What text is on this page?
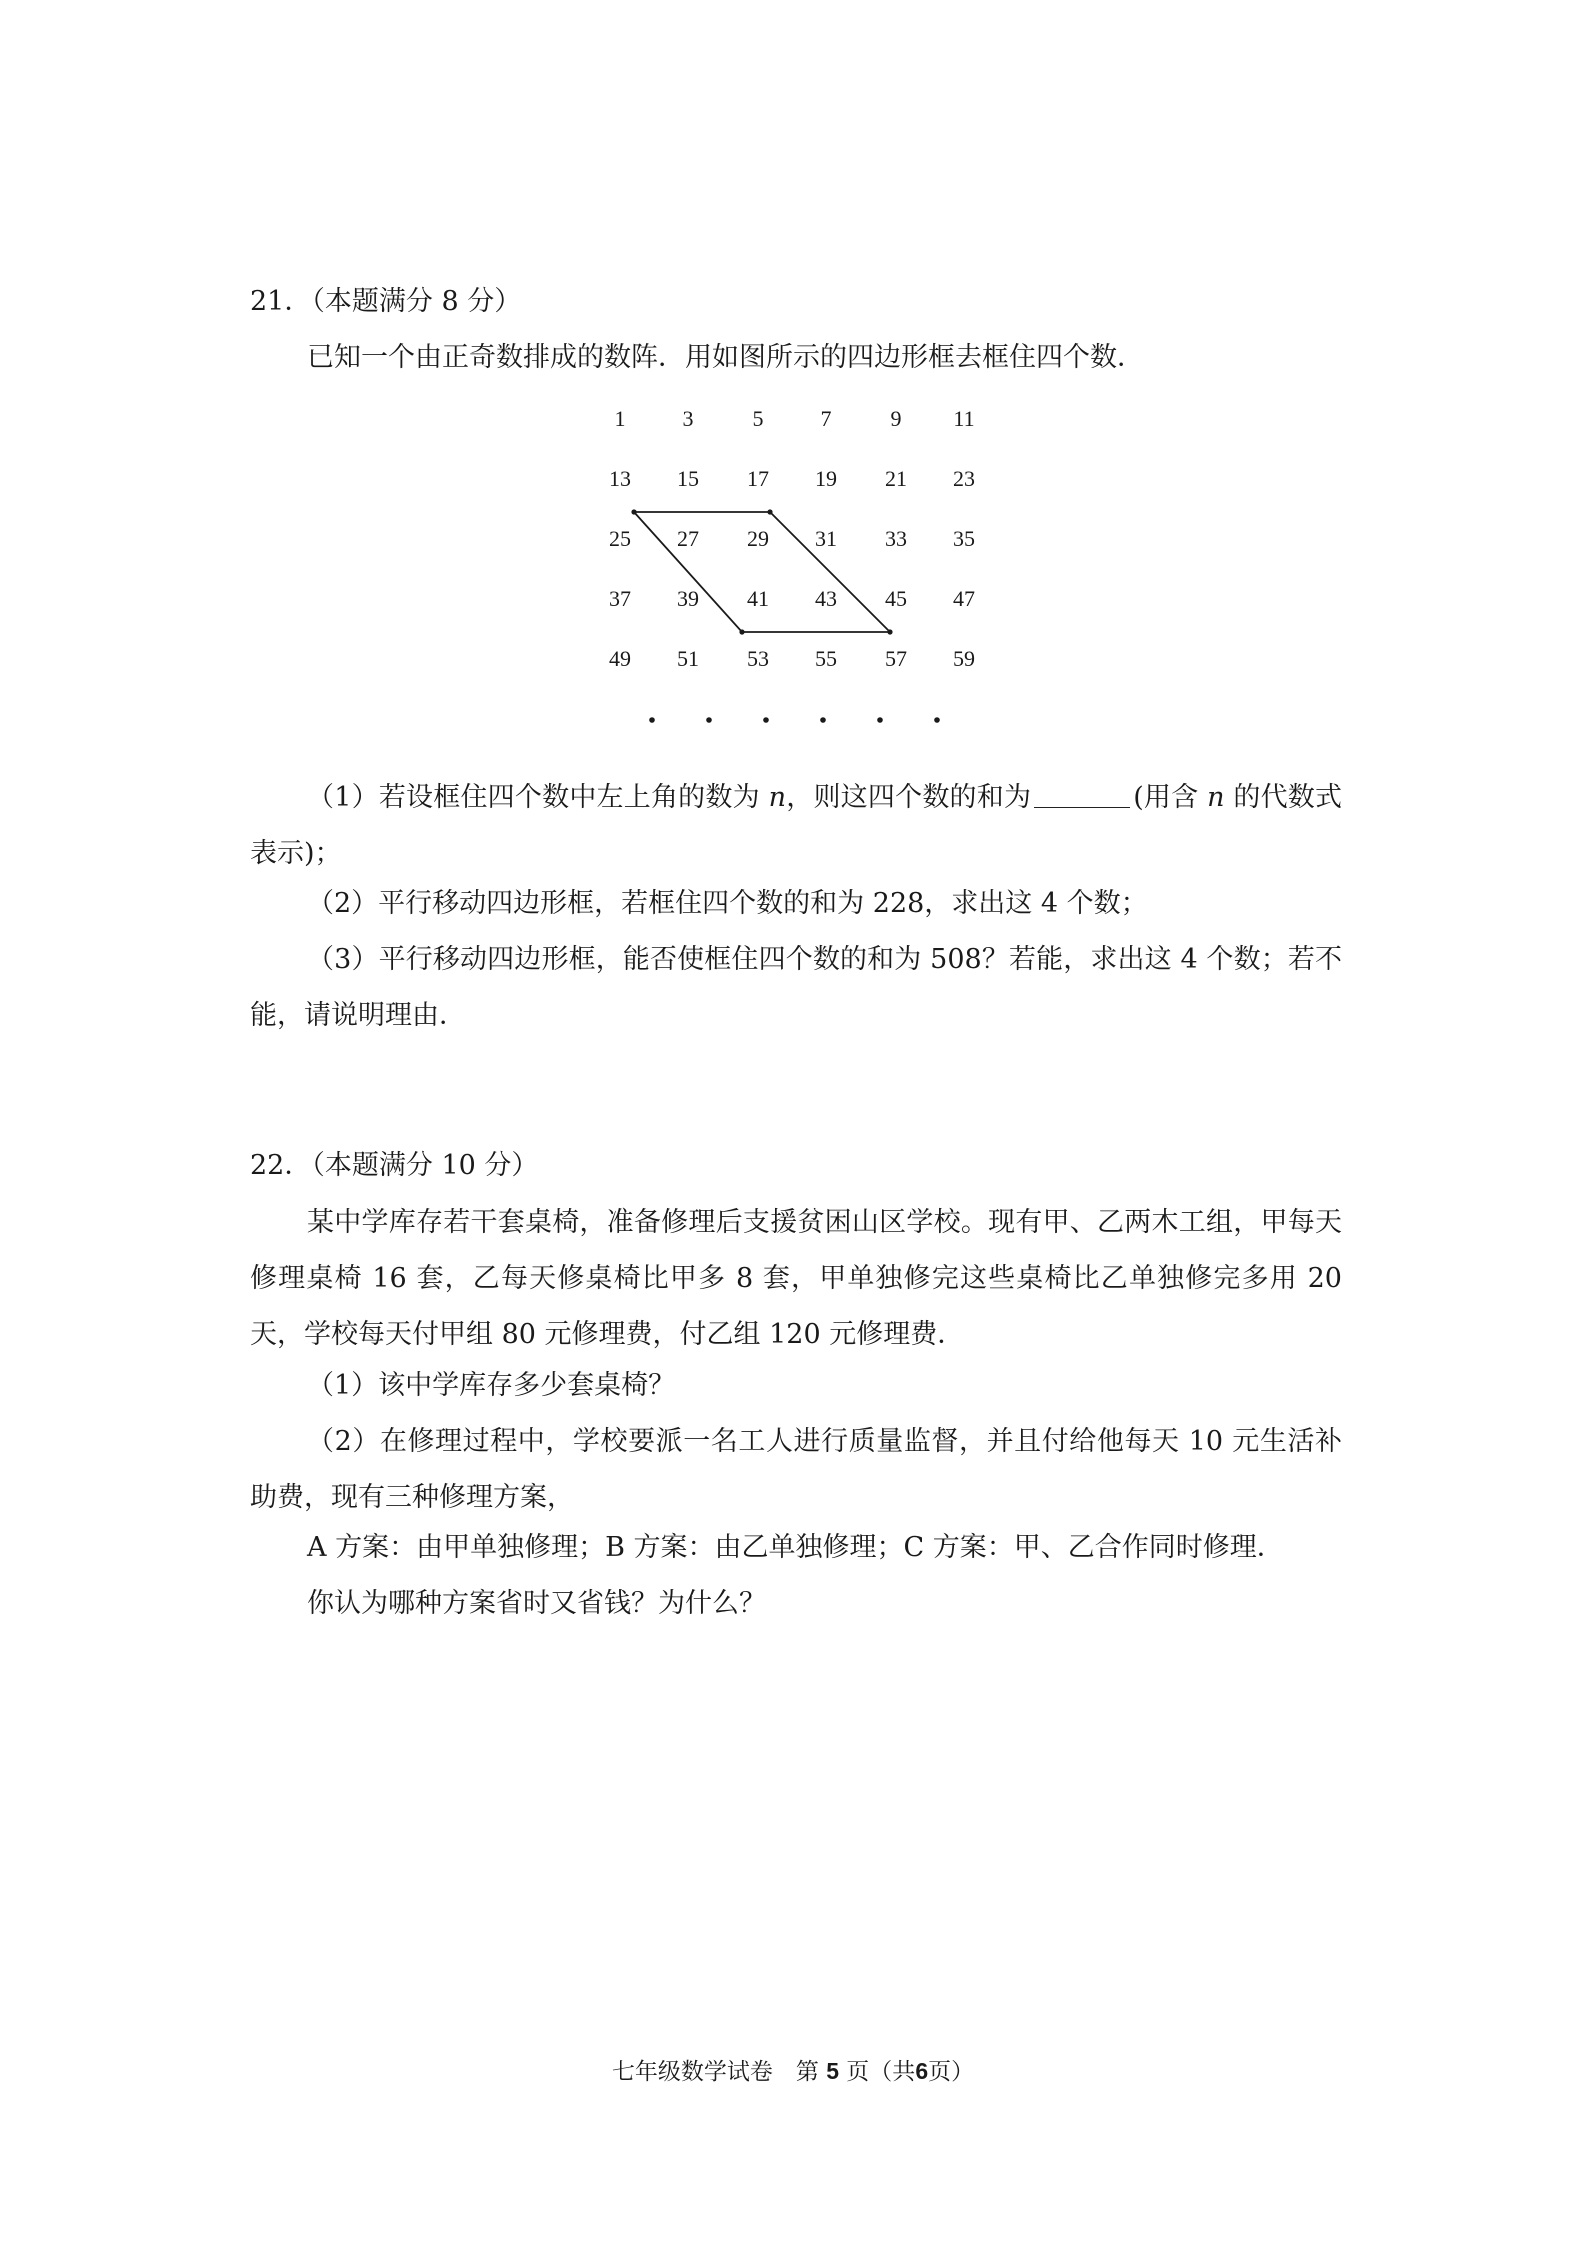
21．（本题满分 8 分）
已知一个由正奇数排成的数阵．用如图所示的四边形框去框住四个数．
1	3	5	7	9 11
13 15 17 19 21 23
25 27 29 31 33 35
37 39 41 43 45 47
49 51 53 55 57 59
（1）若设框住四个数中左上角的数为 n，则这四个数的和为	(用含 n 的代数式表示)；
（2）平行移动四边形框，若框住四个数的和为 228，求出这 4 个数；
（3）平行移动四边形框，能否使框住四个数的和为 508？若能，求出这 4 个数；若不能，请说明理由．
22．（本题满分 10 分）
某中学库存若干套桌椅，准备修理后支援贫困山区学校。现有甲、乙两木工组，甲每天修理桌椅 16 套，乙每天修桌椅比甲多 8 套，甲单独修完这些桌椅比乙单独修完多用 20 天，学校每天付甲组 80 元修理费，付乙组 120 元修理费．
（1）该中学库存多少套桌椅？
（2）在修理过程中，学校要派一名工人进行质量监督，并且付给他每天 10 元生活补助费，现有三种修理方案，
A 方案：由甲单独修理；B 方案：由乙单独修理；C 方案：甲、乙合作同时修理．
你认为哪种方案省时又省钱？为什么？
七年级数学试卷　第 5 页（共6页）
